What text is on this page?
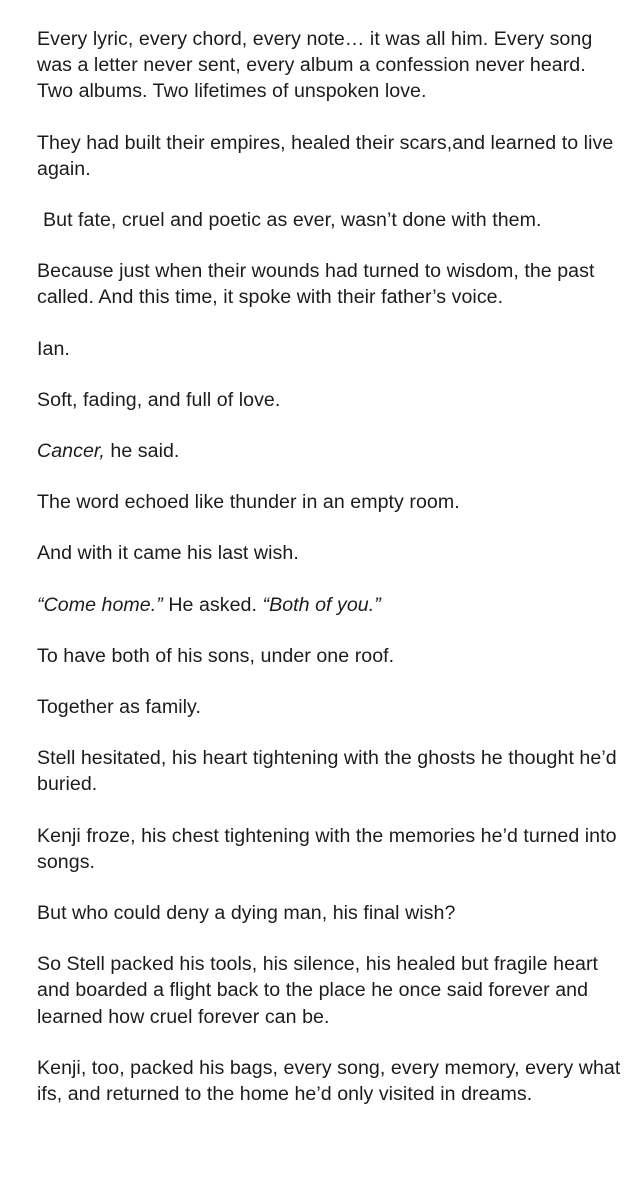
Every lyric, every chord, every note… it was all him. Every song was a letter never sent, every album a confession never heard. Two albums. Two lifetimes of unspoken love.

They had built their empires, healed their scars,and learned to live again.

But fate, cruel and poetic as ever, wasn’t done with them.

Because just when their wounds had turned to wisdom, the past called. And this time, it spoke with their father’s voice.

Ian.

Soft, fading, and full of love.

Cancer, he said.

The word echoed like thunder in an empty room.

And with it came his last wish.

“Come home.” He asked. “Both of you.”

To have both of his sons, under one roof.

Together as family.

Stell hesitated, his heart tightening with the ghosts he thought he’d buried.

Kenji froze, his chest tightening with the memories he’d turned into songs.

But who could deny a dying man, his final wish?

So Stell packed his tools, his silence, his healed but fragile heart and boarded a flight back to the place he once said forever and learned how cruel forever can be.

Kenji, too, packed his bags, every song, every memory, every what ifs, and returned to the home he’d only visited in dreams.
